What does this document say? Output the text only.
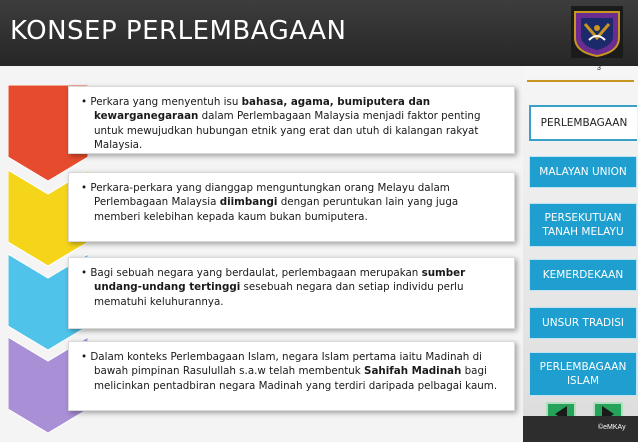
KONSEP PERLEMBAGAAN
3
PERLEMBAGAAN
MALAYAN UNION
PERSEKUTUAN TANAH MELAYU
KEMERDEKAAN
UNSUR TRADISI
PERLEMBAGAAN ISLAM
©eMKAy
• Perkara yang menyentuh isu bahasa, agama, bumiputera dan kewarganegaraan dalam Perlembagaan Malaysia menjadi faktor penting untuk mewujudkan hubungan etnik yang erat dan utuh di kalangan rakyat Malaysia.
• Perkara-perkara yang dianggap menguntungkan orang Melayu dalam Perlembagaan Malaysia diimbangi dengan peruntukan lain yang juga memberi kelebihan kepada kaum bukan bumiputera.
• Bagi sebuah negara yang berdaulat, perlembagaan merupakan sumber undang-undang tertinggi sesebuah negara dan setiap individu perlu mematuhi keluhurannya.
• Dalam konteks Perlembagaan Islam, negara Islam pertama iaitu Madinah di bawah pimpinan Rasulullah s.a.w telah membentuk Sahifah Madinah bagi melicinkan pentadbiran negara Madinah yang terdiri daripada pelbagai kaum.
